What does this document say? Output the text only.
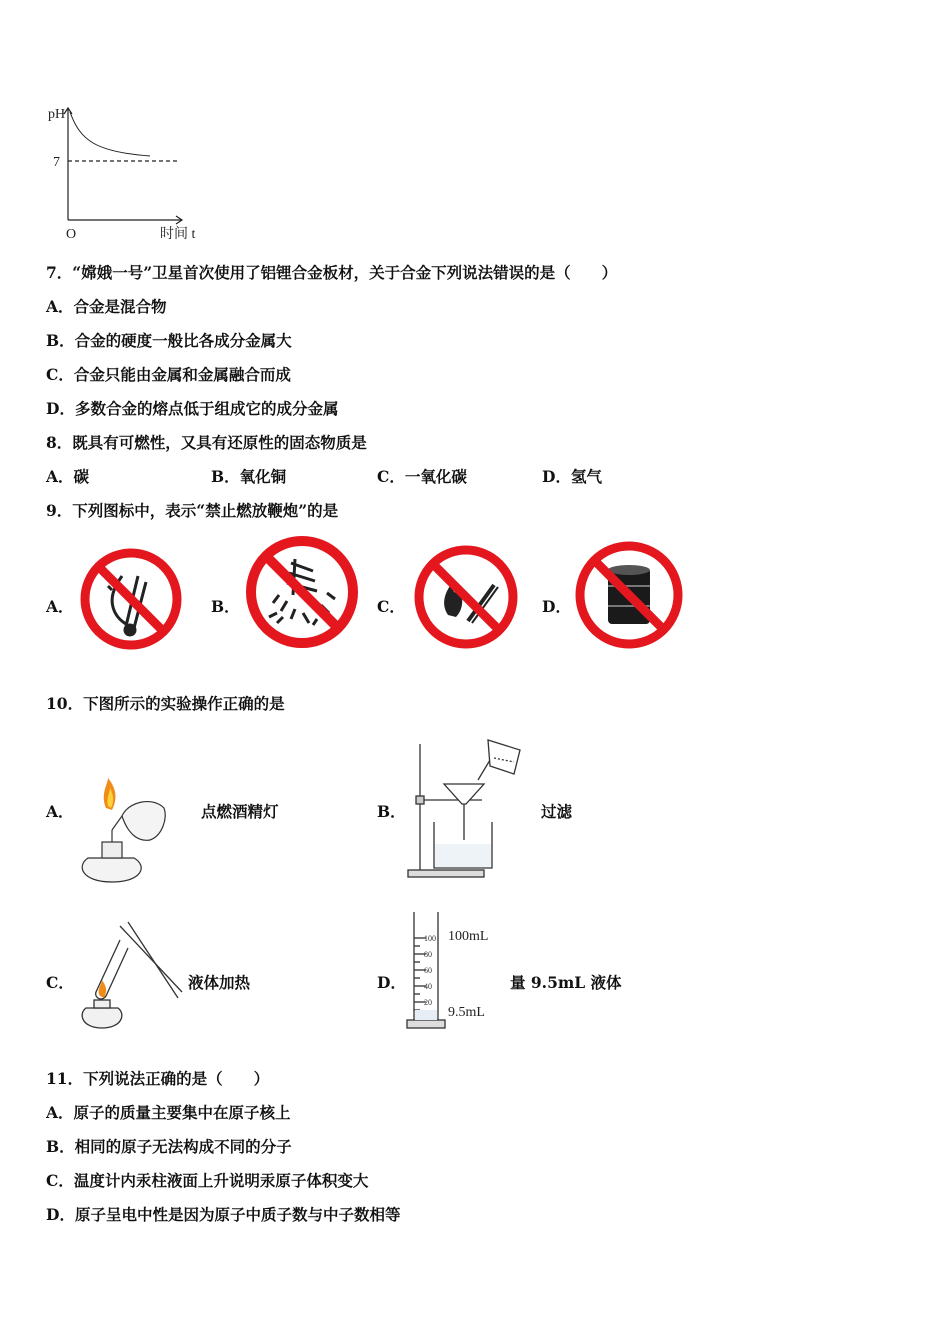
pH
7
O	时间 t
7．“嫦娥一号”卫星首次使用了铝锂合金板材，关于合金下列说法错误的是（　　）
A．合金是混合物
B．合金的硬度一般比各成分金属大
C．合金只能由金属和金属融合而成
D．多数合金的熔点低于组成它的成分金属
8．既具有可燃性，又具有还原性的固态物质是
A．碳	B．氧化铜	C．一氧化碳	D．氢气
9．下列图标中，表示“禁止燃放鞭炮”的是
A．	B．	C．	D．
10．下图所示的实验操作正确的是
A．	点燃酒精灯	B．	过滤
C．	液体加热	D．
100
80
60
40
20
100mL
9.5mL
量 9.5mL 液体
11．下列说法正确的是（　　）
A．原子的质量主要集中在原子核上
B．相同的原子无法构成不同的分子
C．温度计内汞柱液面上升说明汞原子体积变大
D．原子呈电中性是因为原子中质子数与中子数相等
